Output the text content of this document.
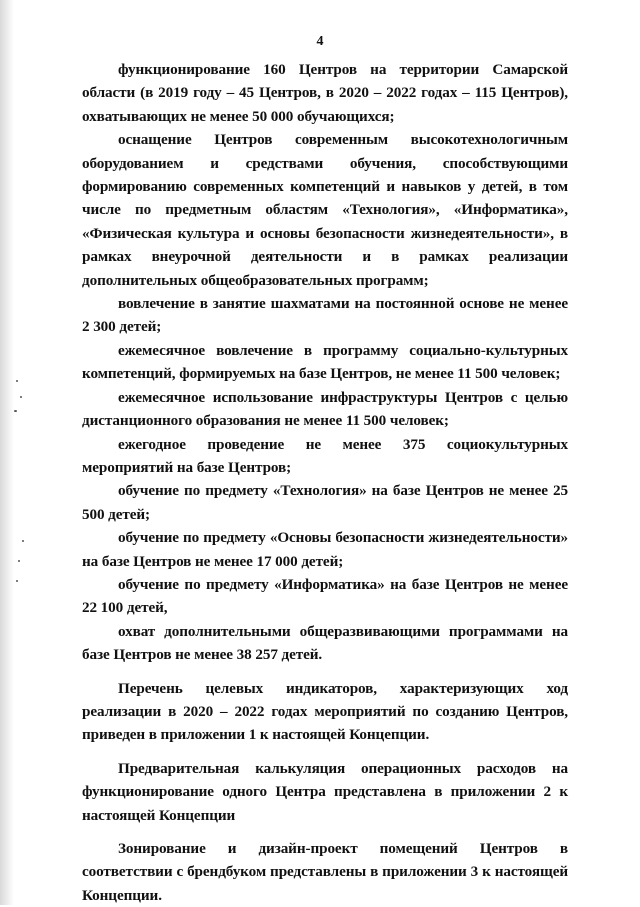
4

функционирование 160 Центров на территории Самарской области (в 2019 году – 45 Центров, в 2020 – 2022 годах – 115 Центров), охватывающих не менее 50 000 обучающихся;

оснащение Центров современным высокотехнологичным оборудованием и средствами обучения, способствующими формированию современных компетенций и навыков у детей, в том числе по предметным областям «Технология», «Информатика», «Физическая культура и основы безопасности жизнедеятельности», в рамках внеурочной деятельности и в рамках реализации дополнительных общеобразовательных программ;

вовлечение в занятие шахматами на постоянной основе не менее 2 300 детей;

ежемесячное вовлечение в программу социально-культурных компетенций, формируемых на базе Центров, не менее 11 500 человек;

ежемесячное использование инфраструктуры Центров с целью дистанционного образования не менее 11 500 человек;

ежегодное проведение не менее 375 социокультурных мероприятий на базе Центров;

обучение по предмету «Технология» на базе Центров не менее 25 500 детей;

обучение по предмету «Основы безопасности жизнедеятельности» на базе Центров не менее 17 000 детей;

обучение по предмету «Информатика» на базе Центров не менее 22 100 детей,

охват дополнительными общеразвивающими программами на базе Центров не менее 38 257 детей.

Перечень целевых индикаторов, характеризующих ход реализации в 2020 – 2022 годах мероприятий по созданию Центров, приведен в приложении 1 к настоящей Концепции.

Предварительная калькуляция операционных расходов на функционирование одного Центра представлена в приложении 2 к настоящей Концепции

Зонирование и дизайн-проект помещений Центров в соответствии с брендбуком представлены в приложении 3 к настоящей Концепции.
